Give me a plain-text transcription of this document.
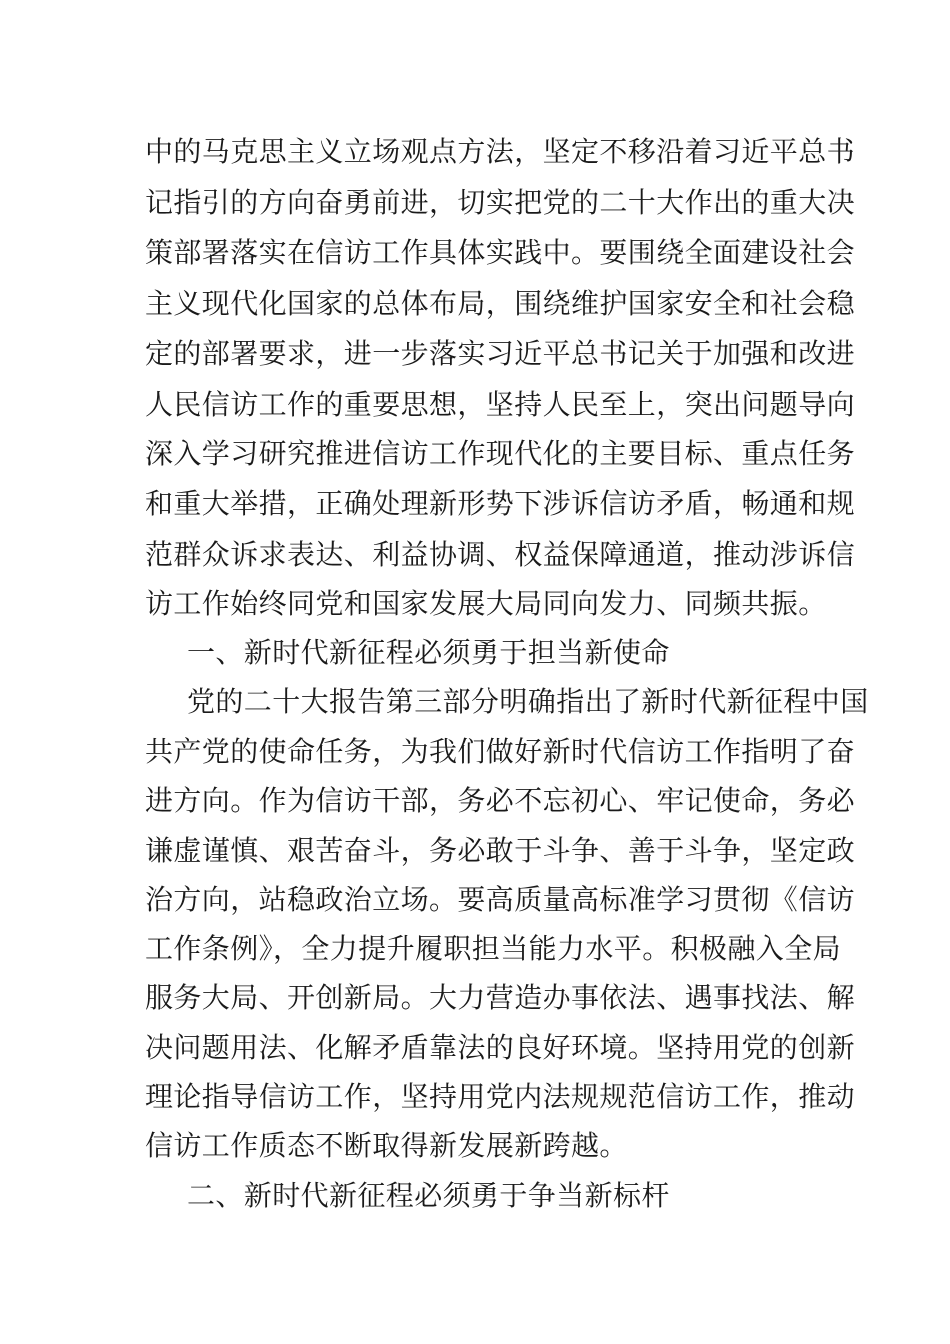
中的马克思主义立场观点方法，坚定不移沿着习近平总书
记指引的方向奋勇前进，切实把党的二十大作出的重大决
策部署落实在信访工作具体实践中。要围绕全面建设社会
主义现代化国家的总体布局，围绕维护国家安全和社会稳
定的部署要求，进一步落实习近平总书记关于加强和改进
人民信访工作的重要思想，坚持人民至上，突出问题导向
深入学习研究推进信访工作现代化的主要目标、重点任务
和重大举措，正确处理新形势下涉诉信访矛盾，畅通和规
范群众诉求表达、利益协调、权益保障通道，推动涉诉信
访工作始终同党和国家发展大局同向发力、同频共振。
一、新时代新征程必须勇于担当新使命
党的二十大报告第三部分明确指出了新时代新征程中国
共产党的使命任务，为我们做好新时代信访工作指明了奋
进方向。作为信访干部，务必不忘初心、牢记使命，务必
谦虚谨慎、艰苦奋斗，务必敢于斗争、善于斗争，坚定政
治方向，站稳政治立场。要高质量高标准学习贯彻《信访
工作条例》，全力提升履职担当能力水平。积极融入全局
服务大局、开创新局。大力营造办事依法、遇事找法、解
决问题用法、化解矛盾靠法的良好环境。坚持用党的创新
理论指导信访工作，坚持用党内法规规范信访工作，推动
信访工作质态不断取得新发展新跨越。
二、新时代新征程必须勇于争当新标杆
